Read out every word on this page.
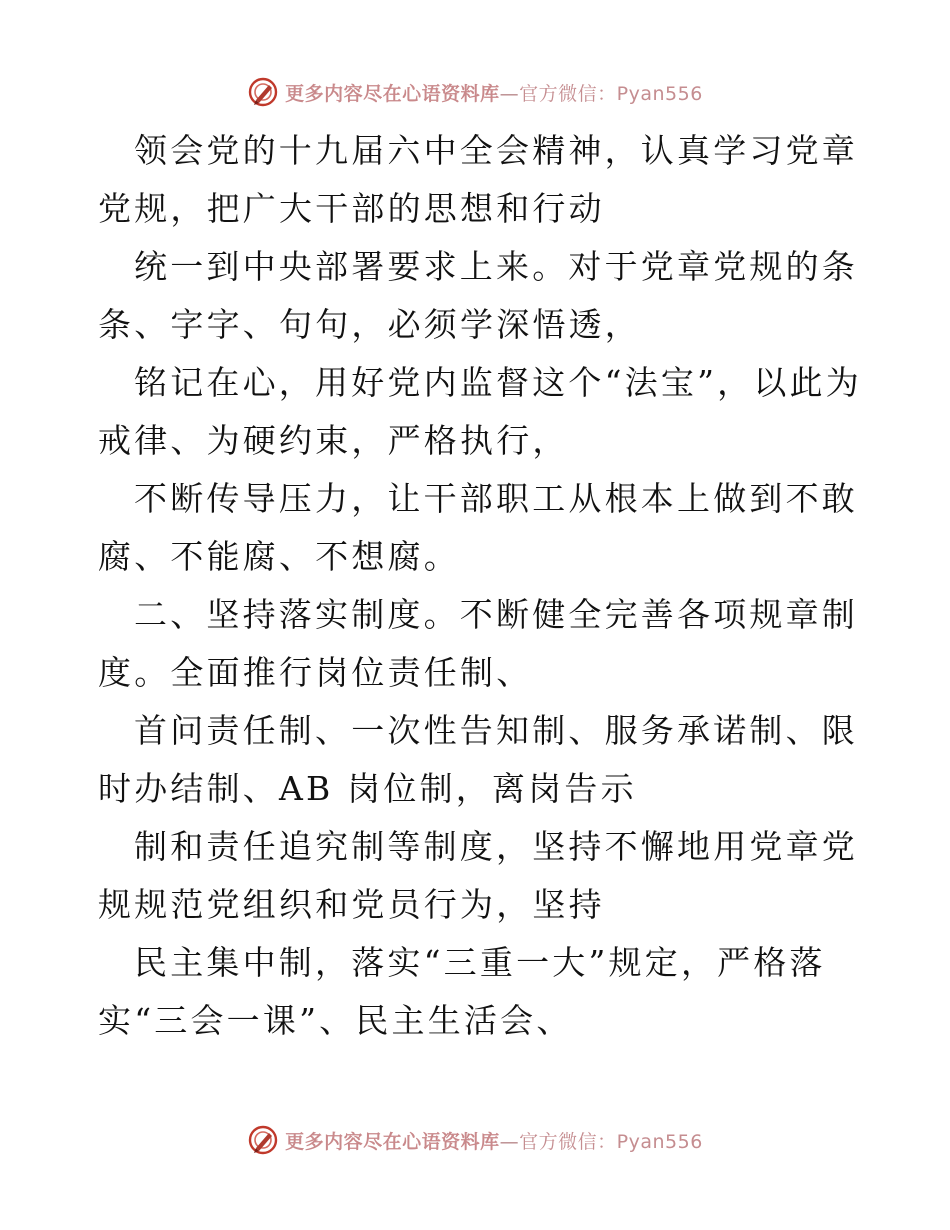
更多内容尽在心语资料库—官方微信：Pyan556

领会党的十九届六中全会精神，认真学习党章党规，把广大干部的思想和行动

统一到中央部署要求上来。对于党章党规的条条、字字、句句，必须学深悟透，

铭记在心，用好党内监督这个“法宝”，以此为戒律、为硬约束，严格执行，

不断传导压力，让干部职工从根本上做到不敢腐、不能腐、不想腐。

二、坚持落实制度。不断健全完善各项规章制度。全面推行岗位责任制、

首问责任制、一次性告知制、服务承诺制、限时办结制、AB 岗位制，离岗告示

制和责任追究制等制度，坚持不懈地用党章党规规范党组织和党员行为，坚持

民主集中制，落实“三重一大”规定，严格落实“三会一课”、民主生活会、

更多内容尽在心语资料库—官方微信：Pyan556
